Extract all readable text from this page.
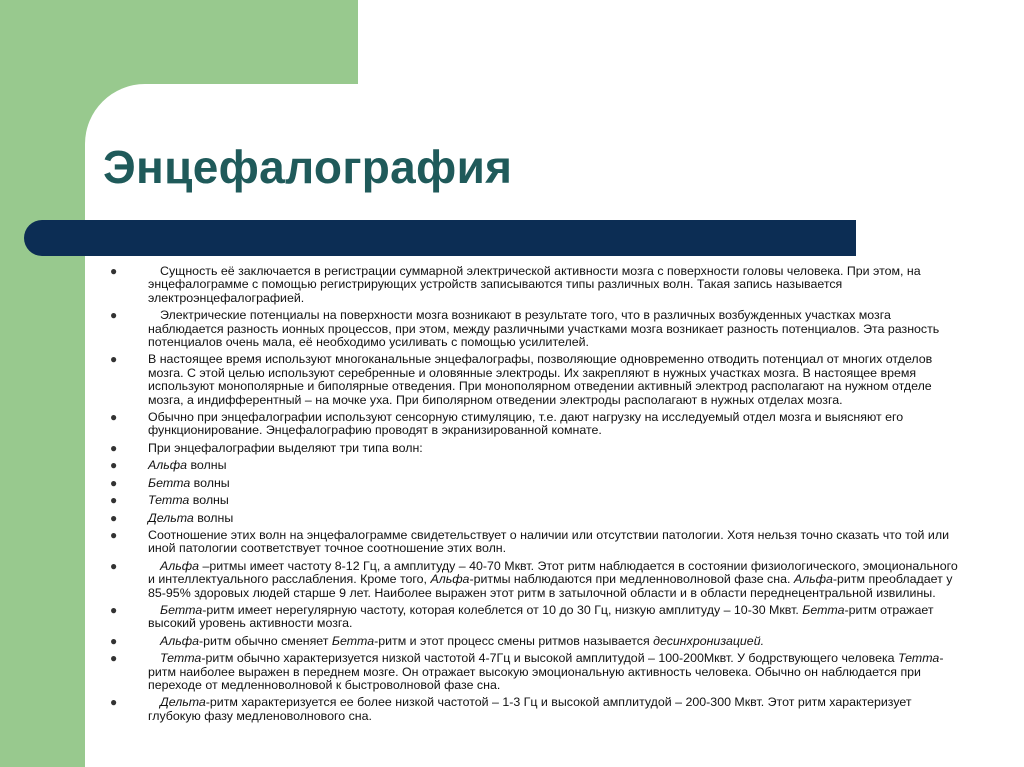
Энцефалография
●	Сущность её заключается в регистрации суммарной электрической активности мозга с поверхности головы человека. При этом, на энцефалограмме с помощью регистрирующих устройств записываются типы различных волн. Такая запись называется электроэнцефалографией.
●	Электрические потенциалы на поверхности мозга возникают в результате того, что в различных возбужденных участках мозга наблюдается разность ионных процессов, при этом, между различными участками мозга возникает разность потенциалов. Эта разность потенциалов очень мала, её необходимо усиливать с помощью усилителей.
● В настоящее время используют многоканальные энцефалографы, позволяющие одновременно отводить потенциал от многих отделов мозга. С этой целью используют серебренные и оловянные электроды. Их закрепляют в нужных участках мозга. В настоящее время используют монополярные и биполярные отведения. При монополярном отведении активный электрод располагают на нужном отделе мозга, а индифферентный – на мочке уха. При биполярном отведении электроды располагают в нужных отделах мозга.
● Обычно при энцефалографии используют сенсорную стимуляцию, т.е. дают нагрузку на исследуемый отдел мозга и выясняют его функционирование. Энцефалографию проводят в экранизированной комнате.
● При энцефалографии выделяют три типа волн:
● Альфа волны
● Бетта волны
● Тетта волны
● Дельта волны
● Соотношение этих волн на энцефалограмме свидетельствует о наличии или отсутствии патологии. Хотя нельзя точно сказать что той или иной патологии соответствует точное соотношение этих волн.
●	Альфа –ритмы имеет частоту 8-12 Гц, а амплитуду – 40-70 Мквт. Этот ритм наблюдается в состоянии физиологического, эмоционального и интеллектуального расслабления. Кроме того, Альфа-ритмы наблюдаются при медленноволновой фазе сна. Альфа-ритм преобладает у 85-95% здоровых людей старше 9 лет. Наиболее выражен этот ритм в затылочной области и в области переднецентральной извилины.
●	Бетта-ритм имеет нерегулярную частоту, которая колеблется от 10 до 30 Гц, низкую амплитуду – 10-30 Мквт. Бетта-ритм отражает высокий уровень активности мозга.
●	Альфа-ритм обычно сменяет Бетта-ритм и этот процесс смены ритмов называется десинхронизацией.
●	Тетта-ритм обычно характеризуется низкой частотой 4-7Гц и высокой амплитудой – 100-200Мквт. У бодрствующего человека Тетта-ритм наиболее выражен в переднем мозге. Он отражает высокую эмоциональную активность человека. Обычно он наблюдается при переходе от медленноволновой к быстроволновой фазе сна.
●	Дельта-ритм характеризуется ее более низкой частотой – 1-3 Гц и высокой амплитудой – 200-300 Мквт. Этот ритм характеризует глубокую фазу медленоволнового сна.
